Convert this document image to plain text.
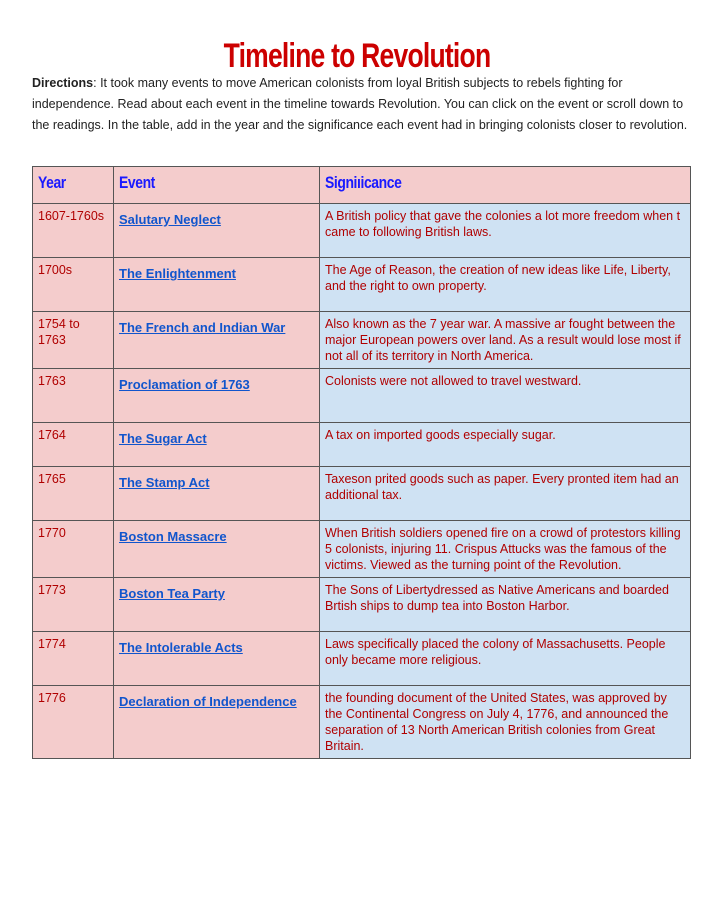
Timeline to Revolution
Directions: It took many events to move American colonists from loyal British subjects to rebels fighting for independence. Read about each event in the timeline towards Revolution. You can click on the event or scroll down to the readings. In the table, add in the year and the significance each event had in bringing colonists closer to revolution.
Year	Event	Signiıicance
1607-1760s	Salutary Neglect	A British policy that gave the colonies a lot more freedom when t came to following British laws.
1700s	The Enlightenment	The Age of Reason, the creation of new ideas like Life, Liberty, and the right to own property.
1754 to 1763	The French and Indian War	Also known as the 7 year war. A massive ar fought between the major European powers over land. As a result would lose most if not all of its territory in North America.
1763	Proclamation of 1763	Colonists were not allowed to travel westward.
1764	The Sugar Act	A tax on imported goods especially sugar.
1765	The Stamp Act	Taxeson prited goods such as paper. Every pronted item had an additional tax.
1770	Boston Massacre	When British soldiers opened fire on a crowd of protestors killing 5 colonists, injuring 11. Crispus Attucks was the famous of the victims. Viewed as the turning point of the Revolution.
1773	Boston Tea Party	The Sons of Libertydressed as Native Americans and boarded Brtish ships to dump tea into Boston Harbor.
1774	The Intolerable Acts	Laws specifically placed the colony of Massachusetts. People only became more religious.
1776	Declaration of Independence	the founding document of the United States, was approved by the Continental Congress on July 4, 1776, and announced the separation of 13 North American British colonies from Great Britain.
